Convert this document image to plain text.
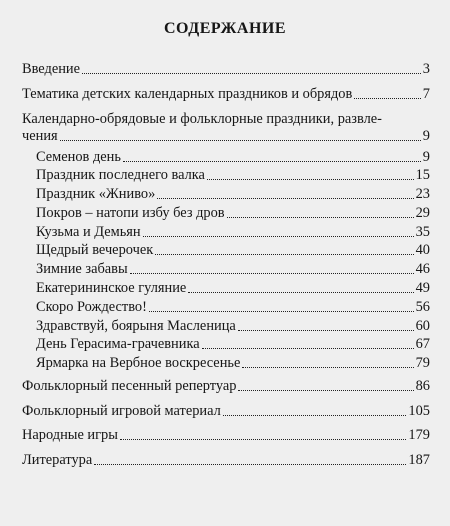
СОДЕРЖАНИЕ
Введение	3
Тематика детских календарных праздников и обрядов	7
Календарно-обрядовые и фольклорные праздники, развле-
чения	9
Семенов день	9
Праздник последнего валка	15
Праздник «Жниво»	23
Покров – натопи избу без дров	29
Кузьма и Демьян	35
Щедрый вечерочек	40
Зимние забавы	46
Екатерининское гуляние	49
Скоро Рождество!	56
Здравствуй, боярыня Масленица	60
День Герасима-грачевника	67
Ярмарка на Вербное воскресенье	79
Фольклорный песенный репертуар	86
Фольклорный игровой материал	105
Народные игры	179
Литература	187
